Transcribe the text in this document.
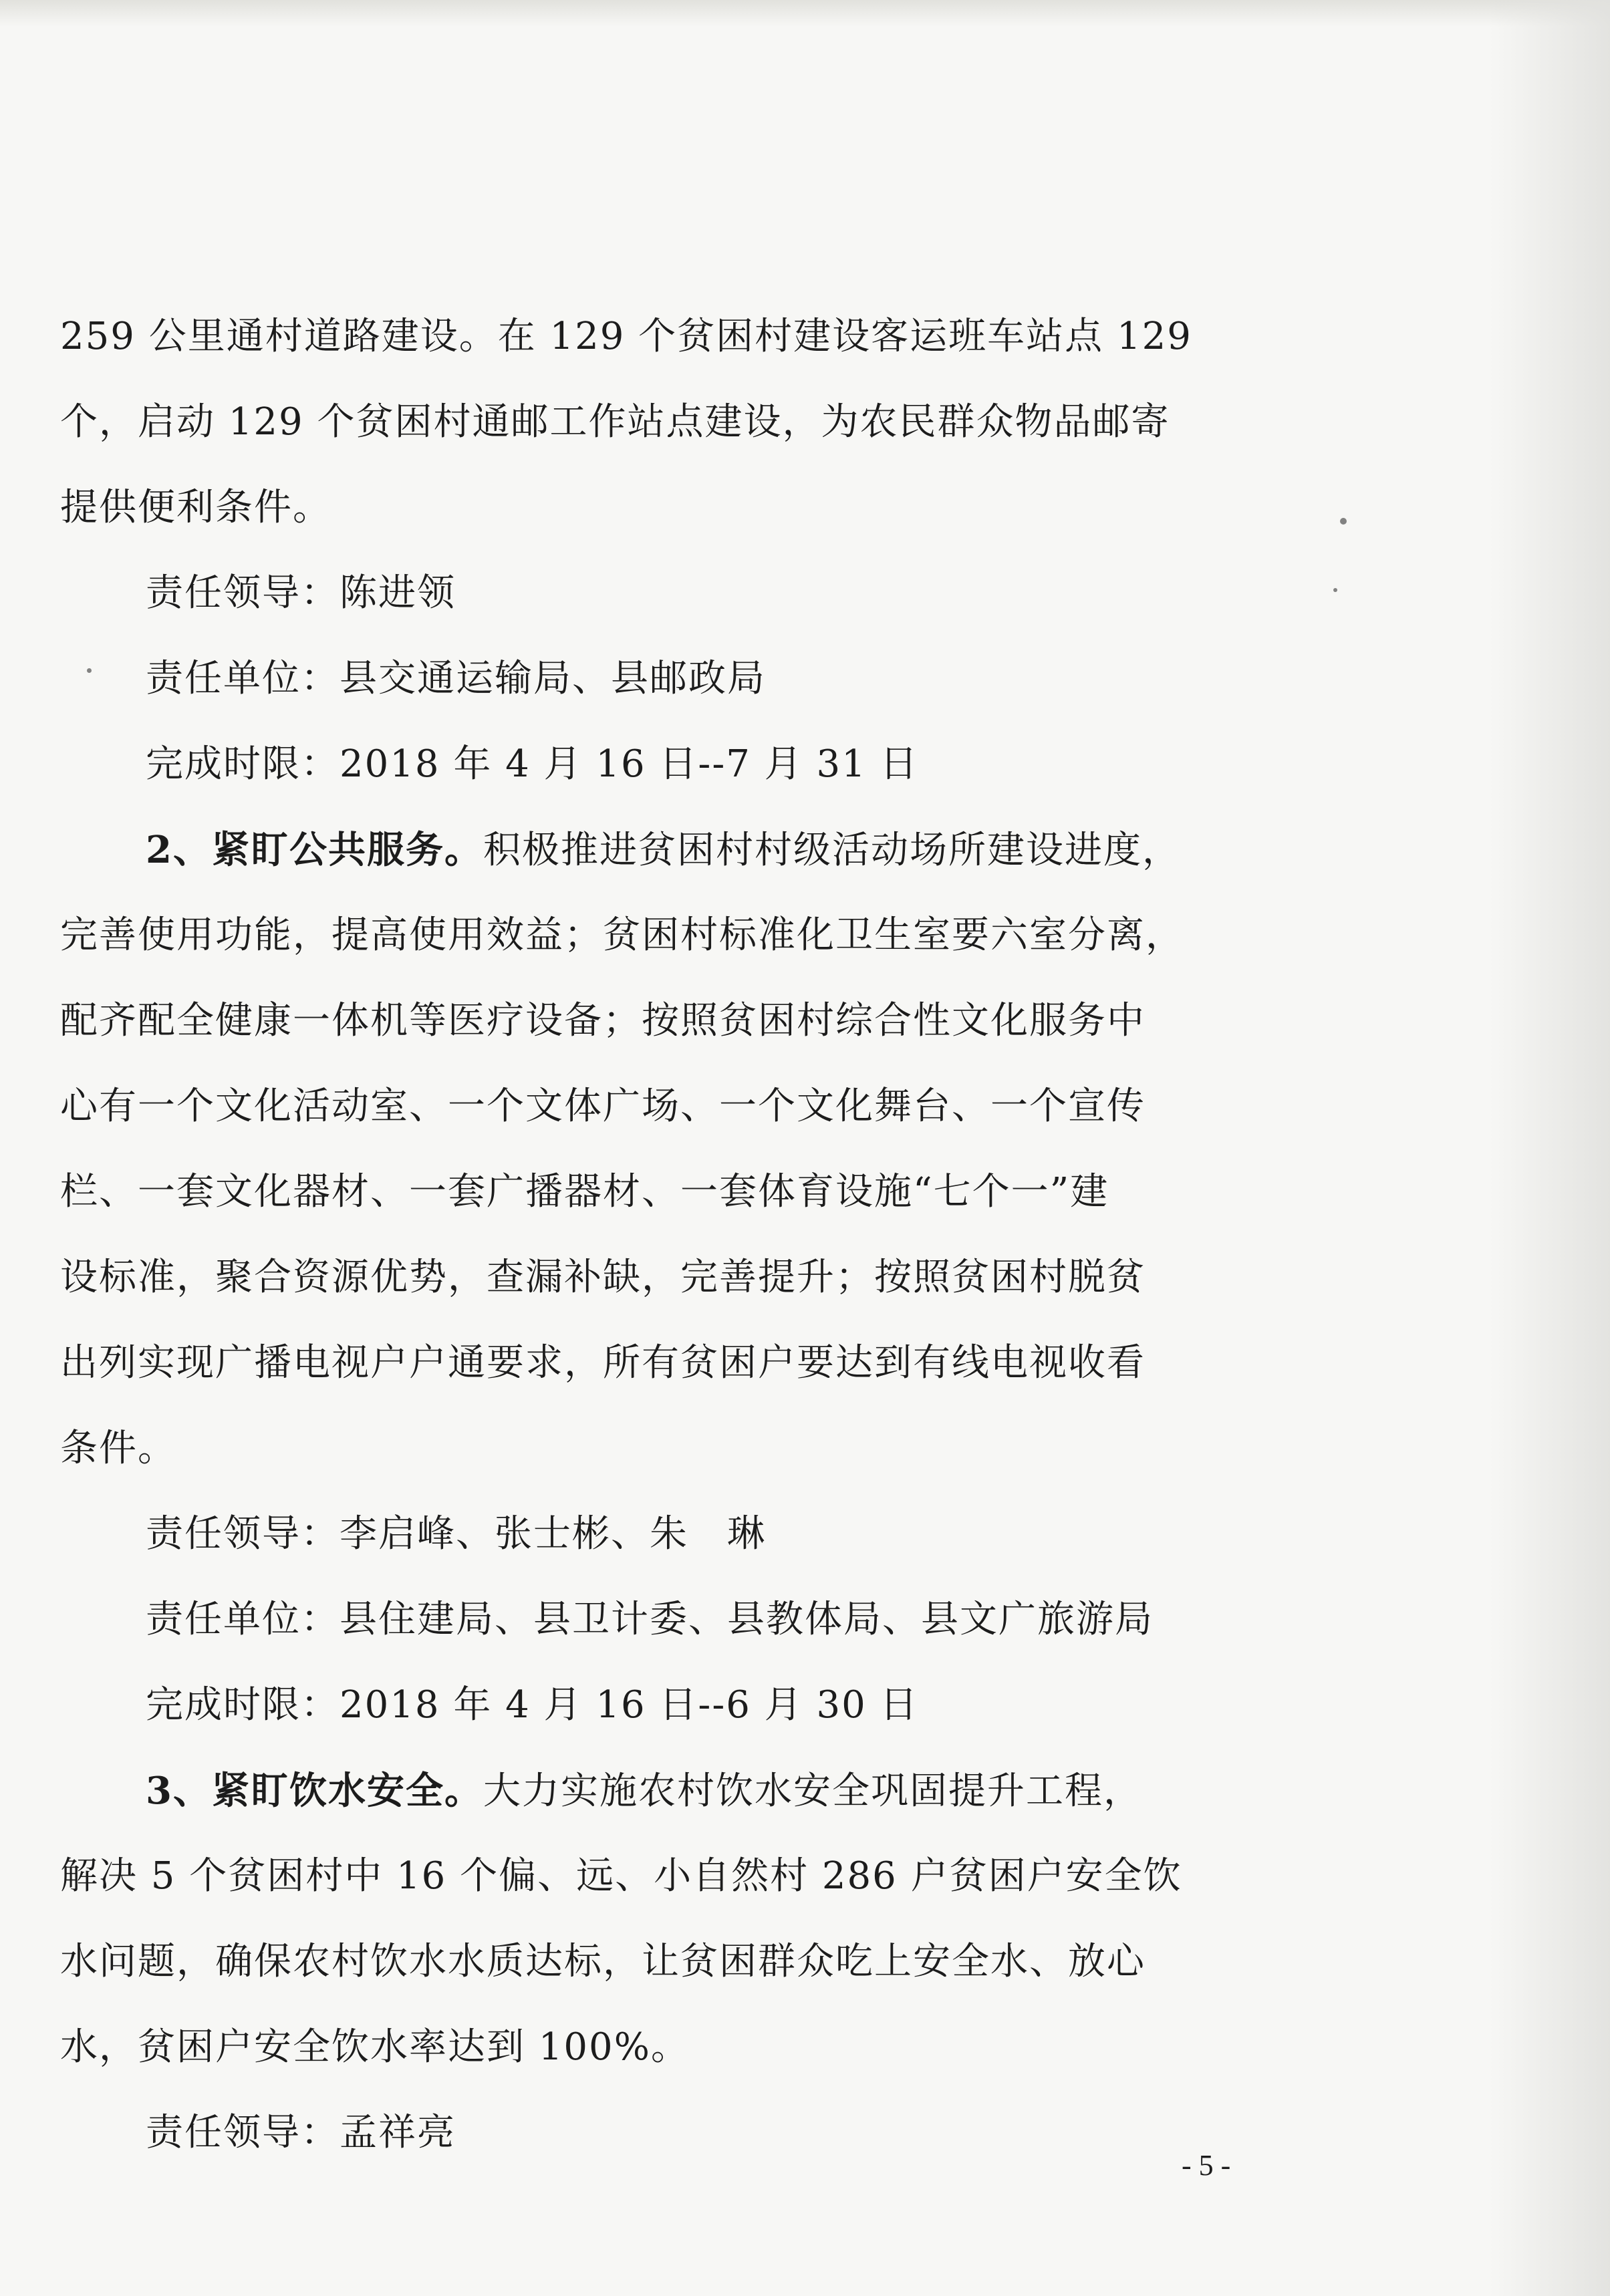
259 公里通村道路建设。在 129 个贫困村建设客运班车站点 129
个，启动 129 个贫困村通邮工作站点建设，为农民群众物品邮寄
提供便利条件。
责任领导：陈进领
责任单位：县交通运输局、县邮政局
完成时限：2018 年 4 月 16 日--7 月 31 日
2、紧盯公共服务。积极推进贫困村村级活动场所建设进度，
完善使用功能，提高使用效益；贫困村标准化卫生室要六室分离，
配齐配全健康一体机等医疗设备；按照贫困村综合性文化服务中
心有一个文化活动室、一个文体广场、一个文化舞台、一个宣传
栏、一套文化器材、一套广播器材、一套体育设施“七个一”建
设标准，聚合资源优势，查漏补缺，完善提升；按照贫困村脱贫
出列实现广播电视户户通要求，所有贫困户要达到有线电视收看
条件。
责任领导：李启峰、张士彬、朱　琳
责任单位：县住建局、县卫计委、县教体局、县文广旅游局
完成时限：2018 年 4 月 16 日--6 月 30 日
3、紧盯饮水安全。大力实施农村饮水安全巩固提升工程，
解决 5 个贫困村中 16 个偏、远、小自然村 286 户贫困户安全饮
水问题，确保农村饮水水质达标，让贫困群众吃上安全水、放心
水，贫困户安全饮水率达到 100%。
责任领导：孟祥亮
- 5 -
